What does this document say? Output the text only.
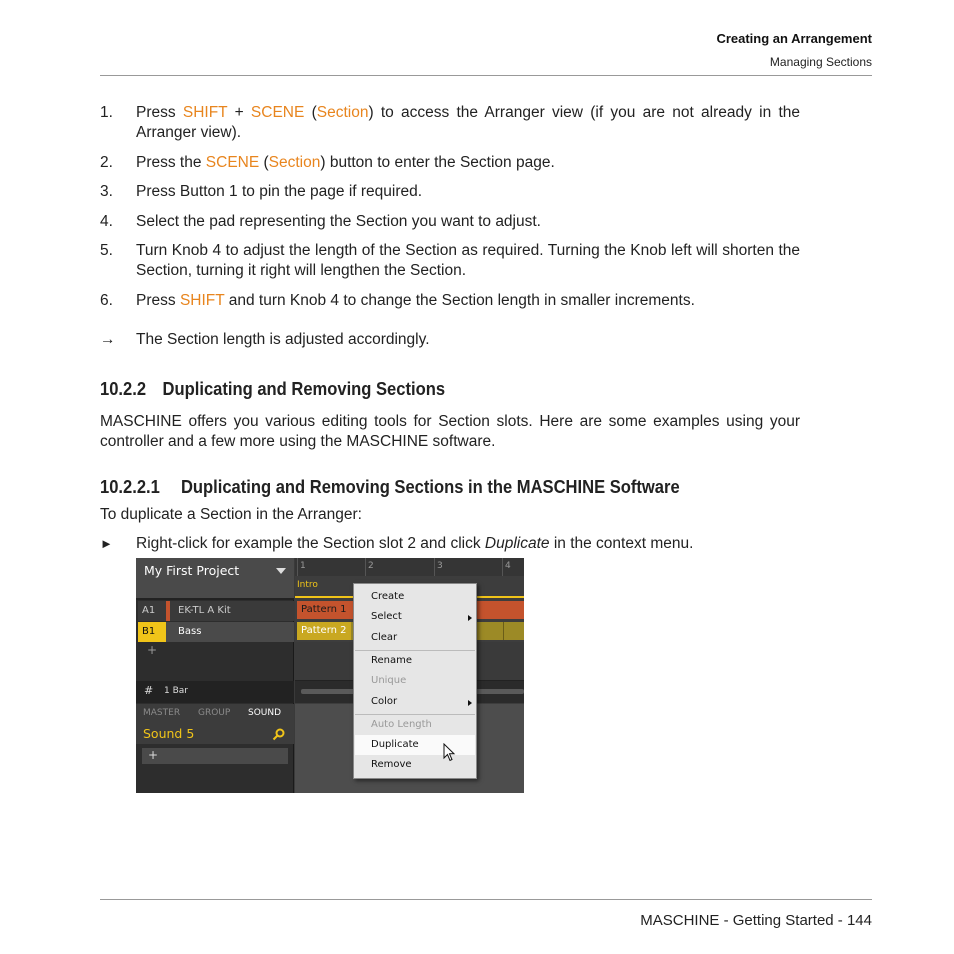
Creating an Arrangement
Managing Sections
1. Press SHIFT + SCENE (Section) to access the Arranger view (if you are not already in the Arranger view).
2. Press the SCENE (Section) button to enter the Section page.
3. Press Button 1 to pin the page if required.
4. Select the pad representing the Section you want to adjust.
5. Turn Knob 4 to adjust the length of the Section as required. Turning the Knob left will shorten the Section, turning it right will lengthen the Section.
6. Press SHIFT and turn Knob 4 to change the Section length in smaller increments.
→ The Section length is adjusted accordingly.
10.2.2 Duplicating and Removing Sections
MASCHINE offers you various editing tools for Section slots. Here are some examples using your controller and a few more using the MASCHINE software.
10.2.2.1 Duplicating and Removing Sections in the MASCHINE Software
To duplicate a Section in the Arranger:
► Right-click for example the Section slot 2 and click Duplicate in the context menu.
My First Project
A1	EK-TL A Kit
B1	Bass
+
# 1 Bar
MASTER GROUP SOUND
Sound 5
+
1	2	3	4
Intro
Pattern 1
Pattern 2
Create
Select
Clear
Rename
Unique
Color
Auto Length
Duplicate
Remove
MASCHINE - Getting Started - 144
